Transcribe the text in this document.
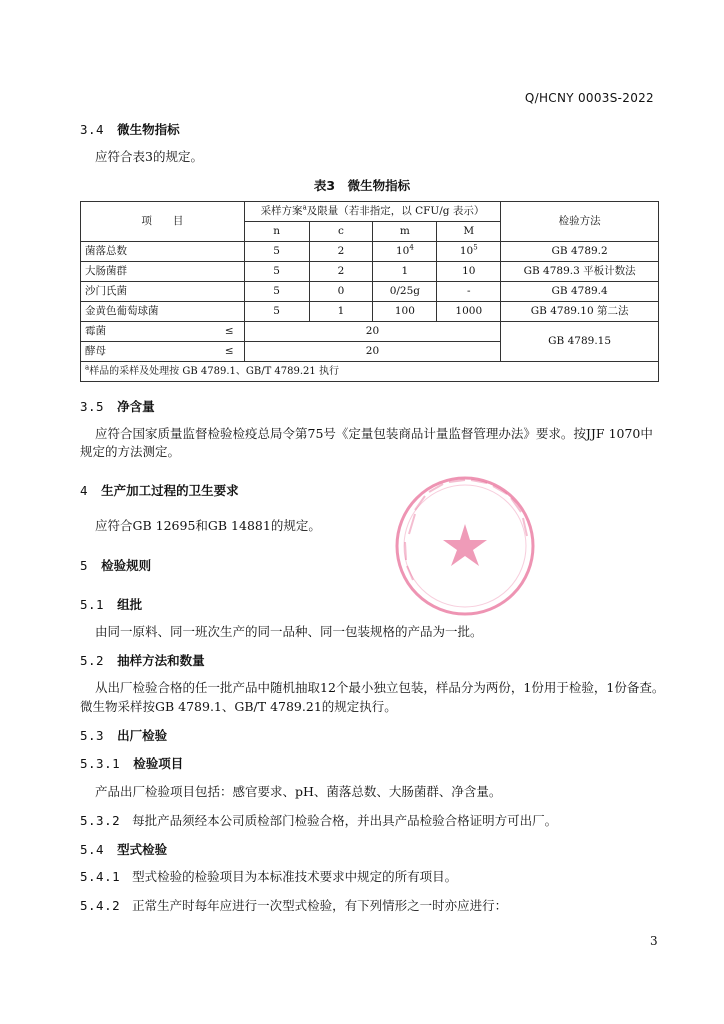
Q/HCNY 0003S-2022
3.4 微生物指标
应符合表3的规定。
表3　微生物指标
项　　目	采样方案$^a$及限量（若非指定，以 CFU/g 表示）				检验方法
	n	c	m	M	
菌落总数	5	2	$10^4$	$10^5$	GB 4789.2
大肠菌群	5	2	1	10	GB 4789.3 平板计数法
沙门氏菌	5	0	0/25g	-	GB 4789.4
金黄色葡萄球菌	5	1	100	1000	GB 4789.10 第二法
霉菌 ≤	20				GB 4789.15
酵母 ≤	20				
$^a$样品的采样及处理按 GB 4789.1、GB/T 4789.21 执行					
3.5 净含量
应符合国家质量监督检验检疫总局令第75号《定量包装商品计量监督管理办法》要求。按JJF 1070中
规定的方法测定。
4 生产加工过程的卫生要求
应符合GB 12695和GB 14881的规定。
5 检验规则
5.1 组批
由同一原料、同一班次生产的同一品种、同一包装规格的产品为一批。
5.2 抽样方法和数量
从出厂检验合格的任一批产品中随机抽取12个最小独立包装，样品分为两份，1份用于检验，1份备查。
微生物采样按GB 4789.1、GB/T 4789.21的规定执行。
5.3 出厂检验
5.3.1 检验项目
产品出厂检验项目包括：感官要求、pH、菌落总数、大肠菌群、净含量。
5.3.2 每批产品须经本公司质检部门检验合格，并出具产品检验合格证明方可出厂。
5.4 型式检验
5.4.1 型式检验的检验项目为本标准技术要求中规定的所有项目。
5.4.2 正常生产时每年应进行一次型式检验，有下列情形之一时亦应进行：
3
